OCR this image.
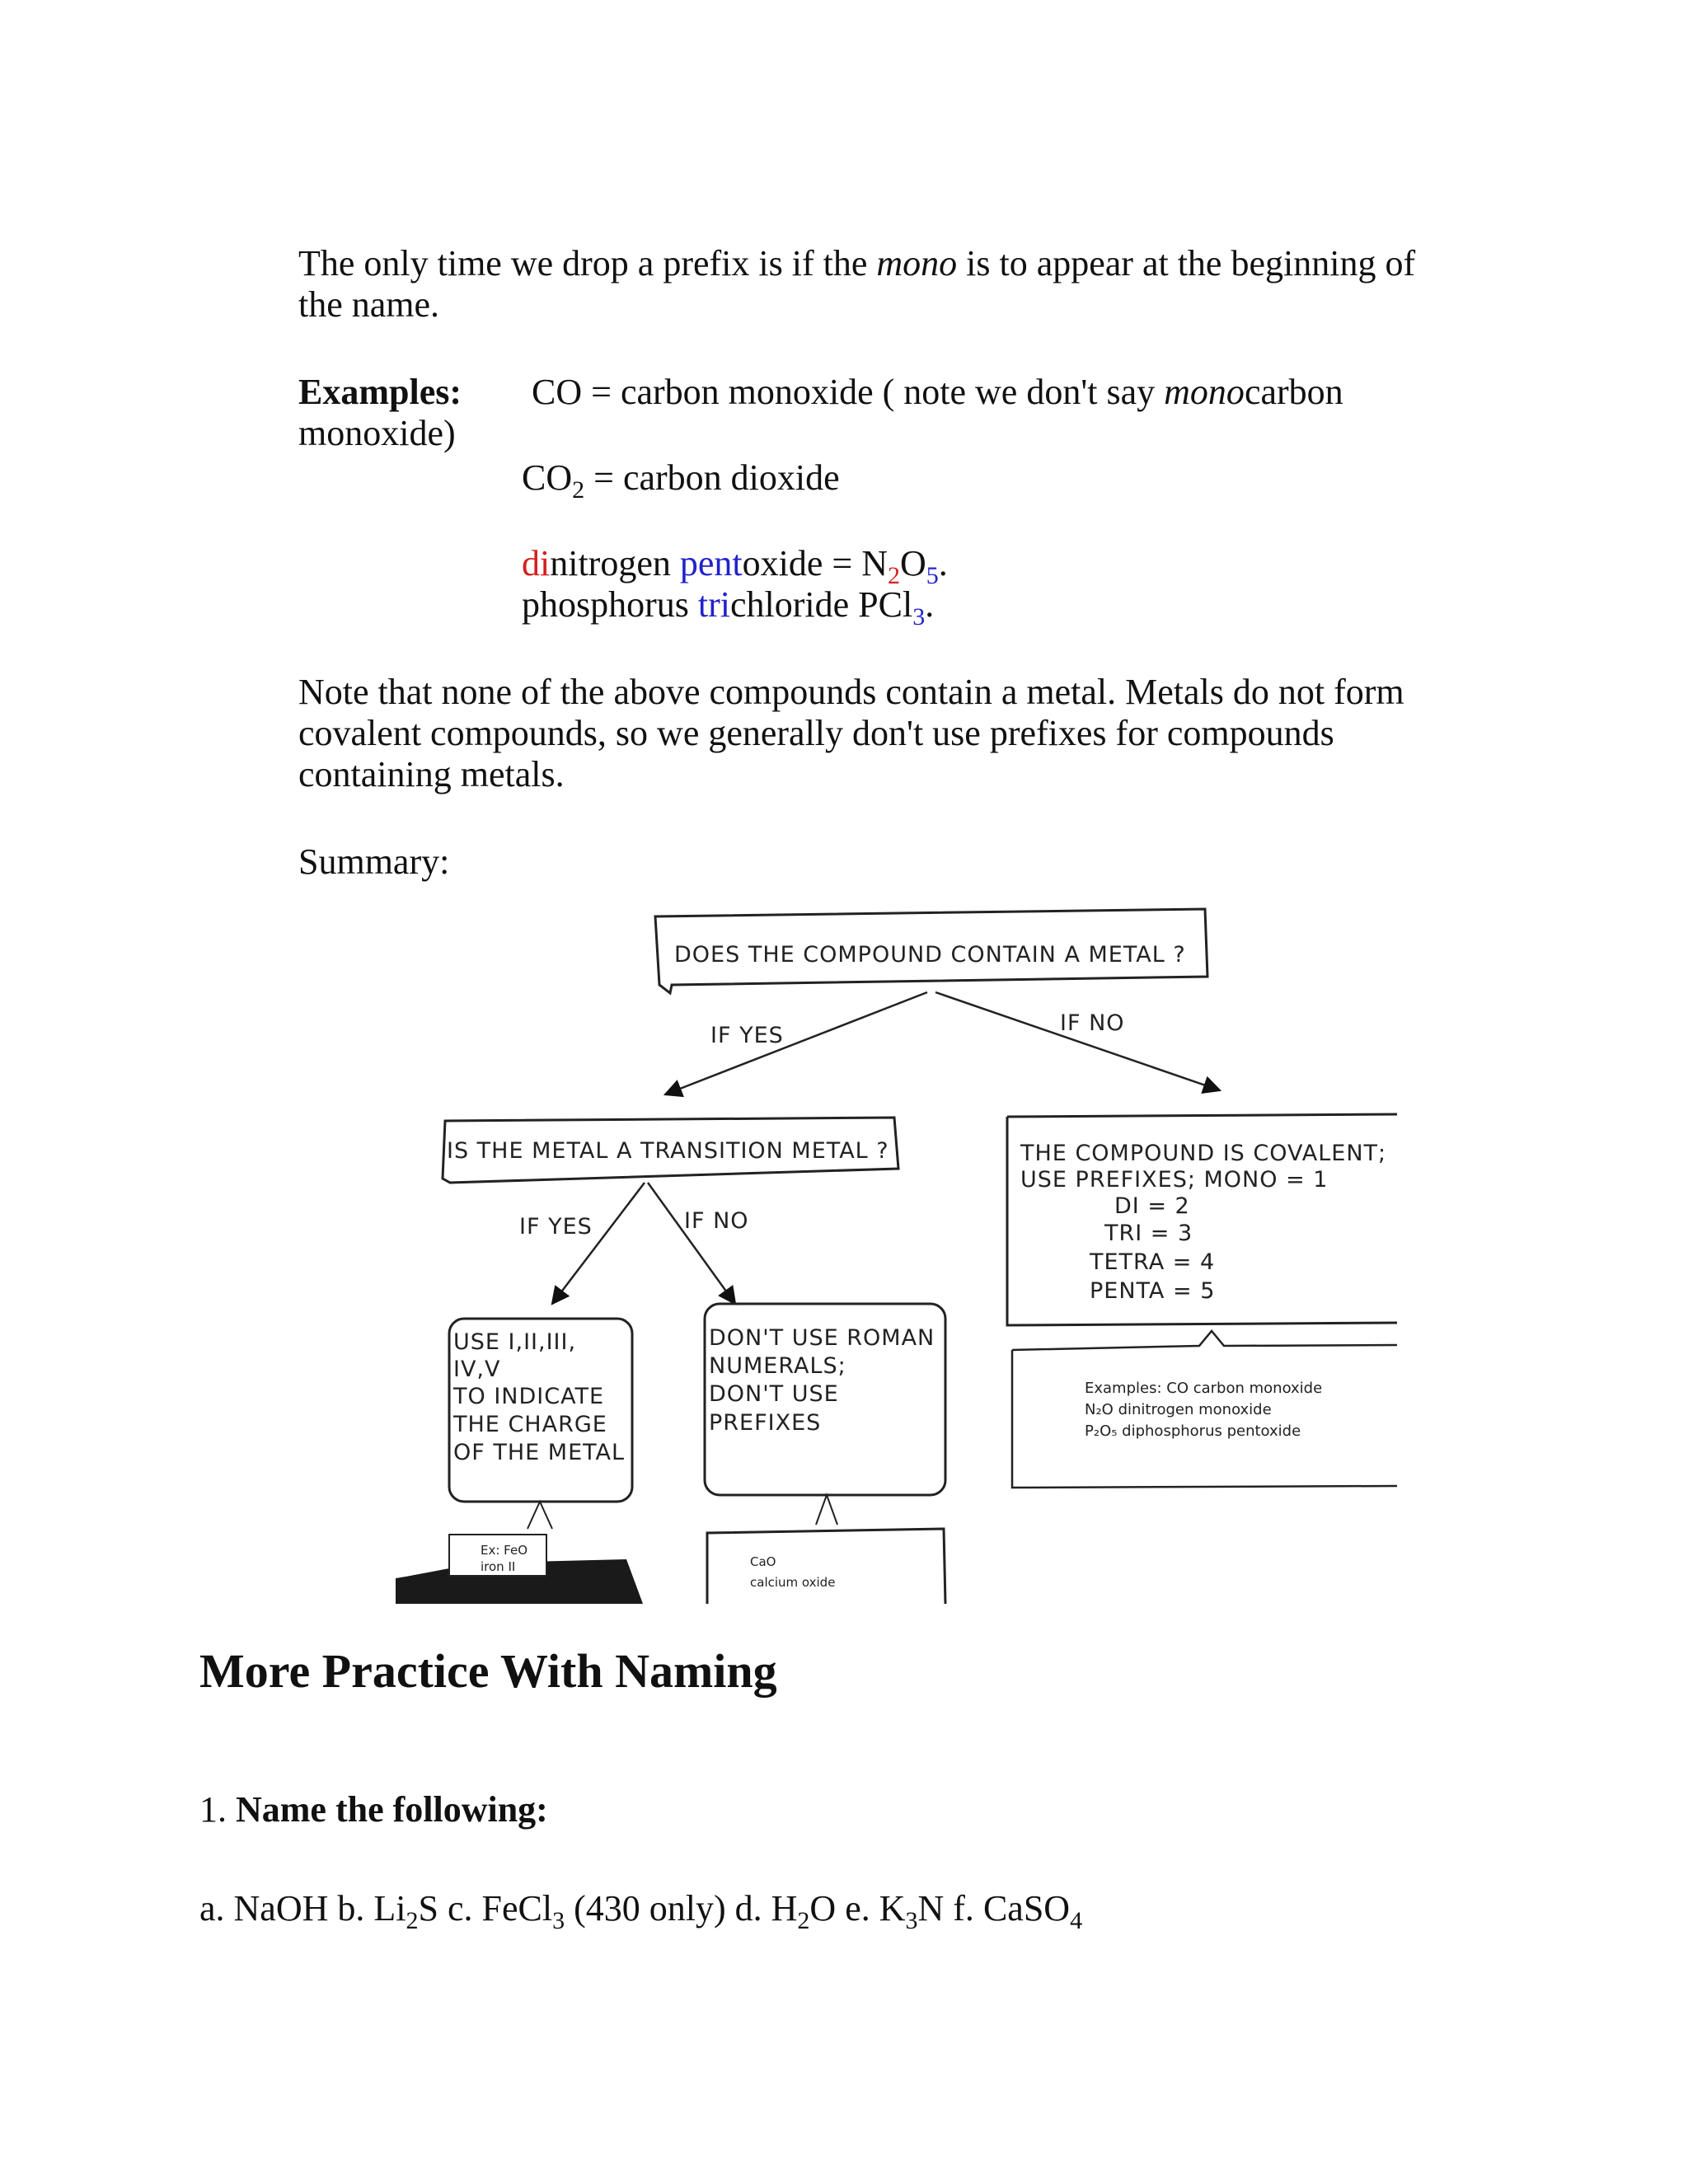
The only time we drop a prefix is if the mono is to appear at the beginning of
the name.
Examples: CO = carbon monoxide ( note we don't say monocarbon
monoxide)
$CO_2$ = carbon dioxide
dinitrogen pentoxide = $N_2O_5$.
phosphorus trichloride PCl$_3$.
Note that none of the above compounds contain a metal. Metals do not form
covalent compounds, so we generally don't use prefixes for compounds
containing metals.
Summary:
DOES THE COMPOUND CONTAIN A METAL ?
IF YES	IF NO
IS THE METAL A TRANSITION METAL ?	THE COMPOUND IS COVALENT;
USE PREFIXES; MONO = 1
DI = 2
TRI = 3
TETRA = 4
PENTA = 5
Examples: CO carbon monoxide
N₂O dinitrogen monoxide
P₂O₅ diphosphorus pentoxide
IF YES	IF NO
USE I,II,III,
IV,V
TO INDICATE
THE CHARGE
OF THE METAL
DON'T USE ROMAN
NUMERALS;
DON'T USE
PREFIXES
Ex: FeO
iron II	CaO
calcium oxide
More Practice With Naming
1. Name the following:
a. NaOH b. $Li_2S$ c. FeCl$_3$ (430 only) d. $H_2O$ e. $K_3N$ f. CaSO$_4$
